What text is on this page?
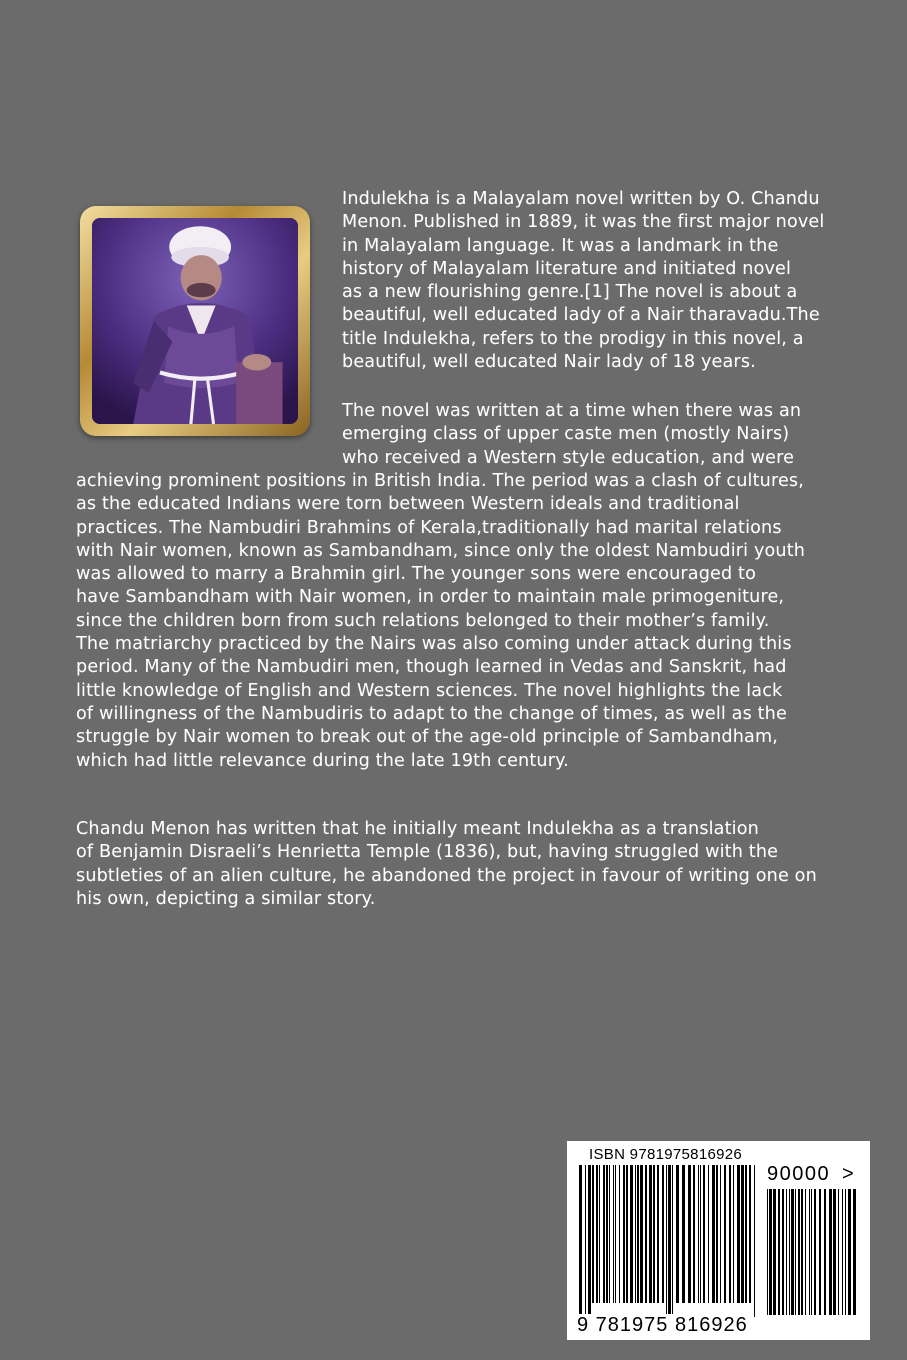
Indulekha is a Malayalam novel written by O. Chandu
Menon. Published in 1889, it was the first major novel
in Malayalam language. It was a landmark in the
history of Malayalam literature and initiated novel
as a new flourishing genre.[1] The novel is about a
beautiful, well educated lady of a Nair tharavadu.The
title Indulekha, refers to the prodigy in this novel, a
beautiful, well educated Nair lady of 18 years.
The novel was written at a time when there was an
emerging class of upper caste men (mostly Nairs)
who received a Western style education, and were
achieving prominent positions in British India. The period was a clash of cultures,
as the educated Indians were torn between Western ideals and traditional
practices. The Nambudiri Brahmins of Kerala,traditionally had marital relations
with Nair women, known as Sambandham, since only the oldest Nambudiri youth
was allowed to marry a Brahmin girl. The younger sons were encouraged to
have Sambandham with Nair women, in order to maintain male primogeniture,
since the children born from such relations belonged to their mother’s family.
The matriarchy practiced by the Nairs was also coming under attack during this
period. Many of the Nambudiri men, though learned in Vedas and Sanskrit, had
little knowledge of English and Western sciences. The novel highlights the lack
of willingness of the Nambudiris to adapt to the change of times, as well as the
struggle by Nair women to break out of the age-old principle of Sambandham,
which had little relevance during the late 19th century.
Chandu Menon has written that he initially meant Indulekha as a translation
of Benjamin Disraeli’s Henrietta Temple (1836), but, having struggled with the
subtleties of an alien culture, he abandoned the project in favour of writing one on
his own, depicting a similar story.
ISBN 9781975816926
90000 >
9 781975 816926
